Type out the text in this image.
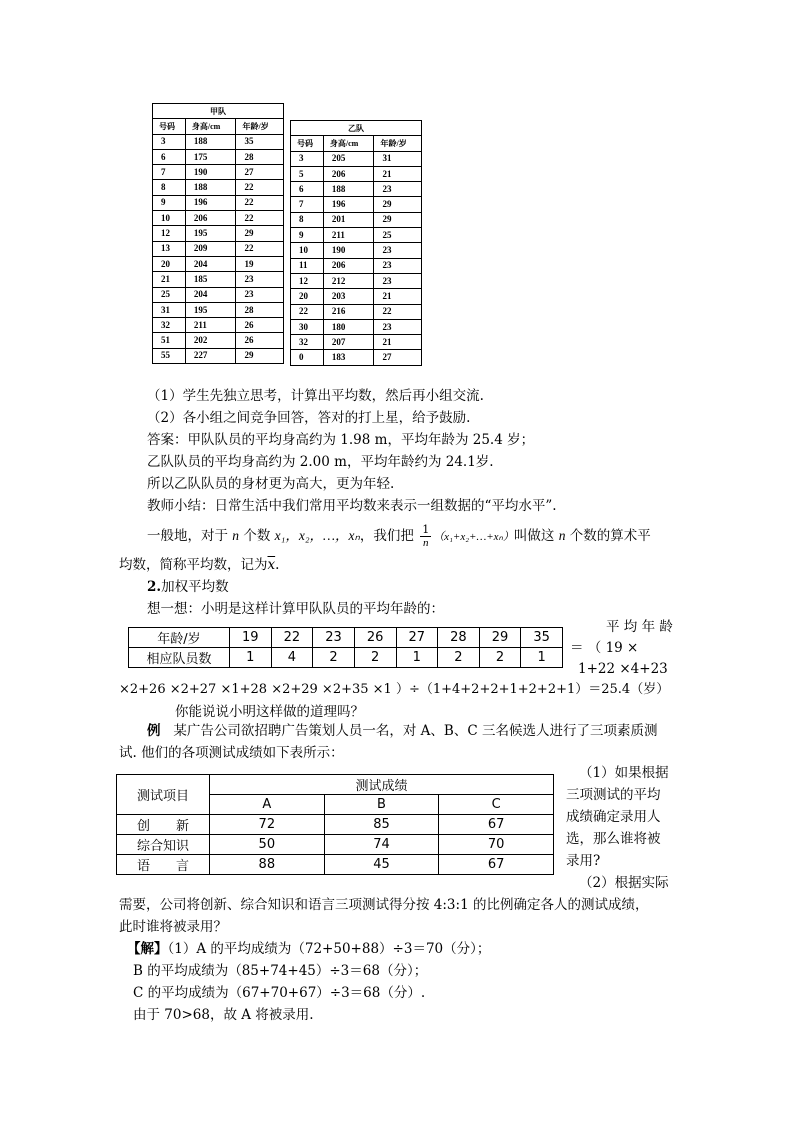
甲队		
号码	身高/cm	年龄/岁
3	188	35
6	175	28
7	190	27
8	188	22
9	196	22
10	206	22
12	195	29
13	209	22
20	204	19
21	185	23
25	204	23
31	195	28
32	211	26
51	202	26
55	227	29
乙队		
号码	身高/cm	年龄/岁
3	205	31
5	206	21
6	188	23
7	196	29
8	201	29
9	211	25
10	190	23
11	206	23
12	212	23
20	203	21
22	216	22
30	180	23
32	207	21
0	183	27
（1）学生先独立思考，计算出平均数，然后再小组交流.
（2）各小组之间竞争回答，答对的打上星，给予鼓励.
答案：甲队队员的平均身高约为 1.98 m，平均年龄为 25.4 岁；
乙队队员的平均身高约为 2.00 m，平均年龄约为 24.1岁.
所以乙队队员的身材更为高大，更为年轻.
教师小结：日常生活中我们常用平均数来表示一组数据的“平均水平”.
一般地，对于 n 个数 x₁，x₂，…，xₙ，我们把 $\frac{1}{n}$ （x₁+x₂+…+xₙ）叫做这 n 个数的算术平
均数，简称平均数，记为$\overline{x}$.
2.加权平均数
想一想：小明是这样计算甲队队员的平均年龄的：
年龄/岁	19	22	23	26	27	28	29	35
相应队员数	1	4	2	2	1	2	2	1
平 均 年 龄
＝ （ 19 ×
1+22 ×4+23
×2+26 ×2+27 ×1+28 ×2+29 ×2+35 ×1 ）÷（1+4+2+2+1+2+2+1）＝25.4（岁）
你能说说小明这样做的道理吗？
例 某广告公司欲招聘广告策划人员一名，对 A、B、C 三名候选人进行了三项素质测
试. 他们的各项测试成绩如下表所示：
测试项目	测试成绩		
	A	B	C
创　　新	72	85	67
综合知识	50	74	70
语　　言	88	45	67
（1）如果根据
三项测试的平均
成绩确定录用人
选，那么谁将被
录用?
（2）根据实际
需要，公司将创新、综合知识和语言三项测试得分按 4:3:1 的比例确定各人的测试成绩，
此时谁将被录用？
【解】（1）A 的平均成绩为（72+50+88）÷3＝70（分）；
B 的平均成绩为（85+74+45）÷3＝68（分）；
C 的平均成绩为（67+70+67）÷3＝68（分）.
由于 70>68，故 A 将被录用.
